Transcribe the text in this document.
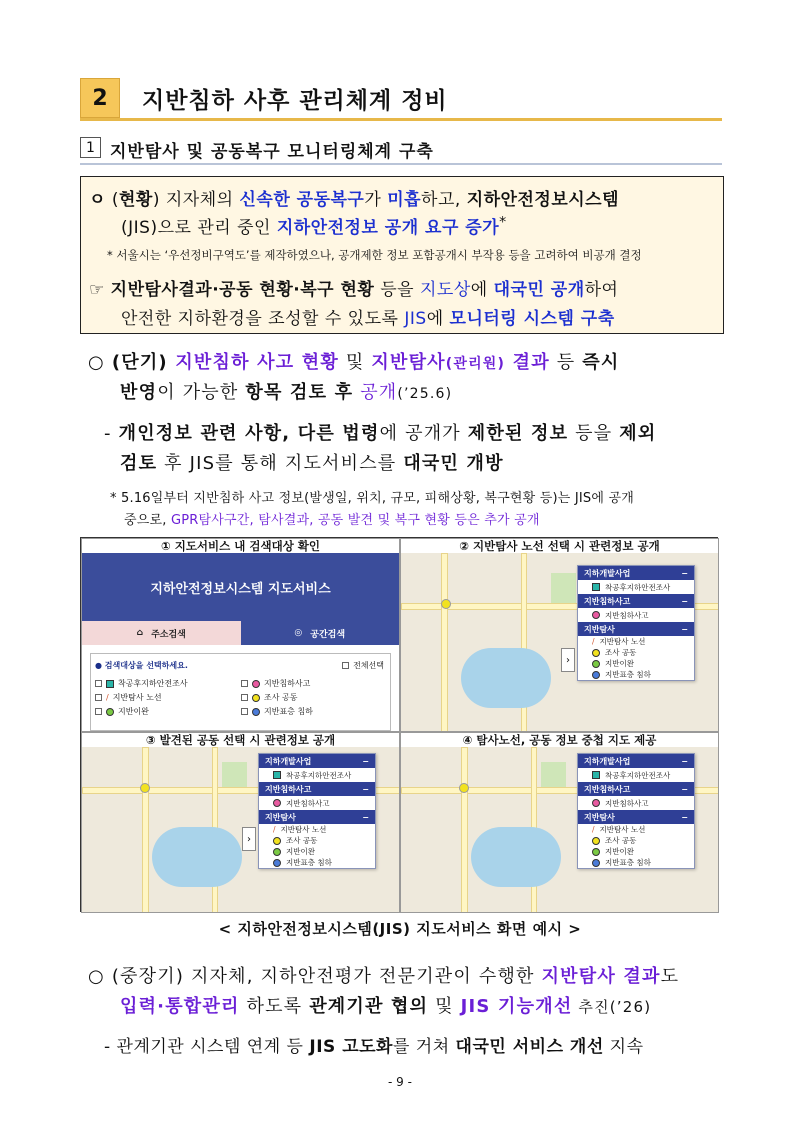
2	지반침하 사후 관리체계 정비
1 지반탐사 및 공동복구 모니터링체계 구축
ㅇ (현황) 지자체의 신속한 공동복구가 미흡하고, 지하안전정보시스템
(JIS)으로 관리 중인 지하안전정보 공개 요구 증가*
* 서울시는 ‘우선정비구역도’를 제작하였으나, 공개제한 정보 포함공개시 부작용 등을 고려하여 비공개 결정
☞ 지반탐사결과·공동 현황·복구 현황 등을 지도상에 대국민 공개하여
안전한 지하환경을 조성할 수 있도록 JIS에 모니터링 시스템 구축
○ (단기) 지반침하 사고 현황 및 지반탐사(관리원) 결과 등 즉시
반영이 가능한 항목 검토 후 공개(’25.6)
- 개인정보 관련 사항, 다른 법령에 공개가 제한된 정보 등을 제외
검토 후 JIS를 통해 지도서비스를 대국민 개방
* 5.16일부터 지반침하 사고 정보(발생일, 위치, 규모, 피해상황, 복구현황 등)는 JIS에 공개
중으로, GPR탐사구간, 탐사결과, 공동 발견 및 복구 현황 등은 추가 공개
① 지도서비스 내 검색대상 확인
지하안전정보시스템 지도서비스
⌂ 주소검색	◎ 공간검색
● 검색대상을 선택하세요.	전체선택
착공후지하안전조사	지반침하사고
/ 지반탐사 노선	조사 공동
지반이완	지반표층 침하
② 지반탐사 노선 선택 시 관련정보 공개
›
지하개발사업	−
착공후지하안전조사
지반침하사고	−
지반침하사고
지반탐사	−
/ 지반탐사 노선
조사 공동
지반이완
지반표층 침하
③ 발견된 공동 선택 시 관련정보 공개
›
지하개발사업	−
착공후지하안전조사
지반침하사고	−
지반침하사고
지반탐사	−
/ 지반탐사 노선
조사 공동
지반이완
지반표층 침하
④ 탐사노선, 공동 정보 중첩 지도 제공
지하개발사업	−
착공후지하안전조사
지반침하사고	−
지반침하사고
지반탐사	−
/ 지반탐사 노선
조사 공동
지반이완
지반표층 침하
< 지하안전정보시스템(JIS) 지도서비스 화면 예시 >
○ (중장기) 지자체, 지하안전평가 전문기관이 수행한 지반탐사 결과도
입력·통합관리 하도록 관계기관 협의 및 JIS 기능개선 추진(’26)
- 관계기관 시스템 연계 등 JIS 고도화를 거쳐 대국민 서비스 개선 지속
- 9 -
